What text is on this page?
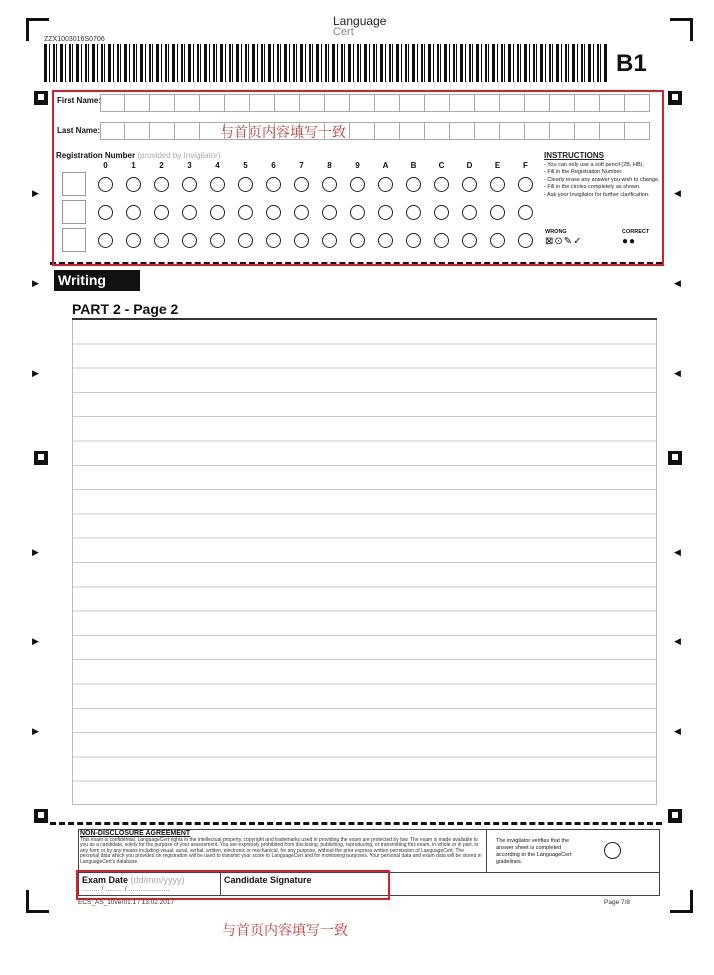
ZZX1003016S0706
Language
Cert
B1
▶	◀
▶	◀
▶	◀
▶	◀
▶	◀
▶	◀
· · · · · · · · · · · · · · · ·
First Name:
Last Name:	与首页内容填写一致
Registration Number (provided by Invigilator)
0	1	2	3	4	5	6	7	8	9	A	B	C	D	E	F
INSTRUCTIONS
- You can only use a soft pencil (2B, HB).
- Fill in the Registration Number.
- Clearly erase any answer you wish to change.
- Fill in the circles completely as shown.
- Ask your Invigilator for further clarification.
WRONG	CORRECT
⊠⊙✎✓	●●
Writing
PART 2 - Page 2
NON-DISCLOSURE AGREEMENT
This exam is confidential. LanguageCert rights in the intellectual property, copyright and trademarks used in providing the exam are protected by law. The exam is made available to you as a candidate, solely for the purpose of your assessment. You are expressly prohibited from disclosing, publishing, reproducing, or transmitting this exam, in whole or in part, in any form or by any means including visual, aural, verbal, written, electronic or mechanical, for any purpose, without the prior express written permission of LanguageCert. The personal data which you provided on registration will be used to transmit your score to LanguageCert and for monitoring purposes. Your personal data and exam data will be stored in LanguageCert's database.
The invigilator verifies that the answer sheet is completed according to the LanguageCert guidelines.
Exam Date (dd/mm/yyyy)
......... / ......... / .....................
Candidate Signature
ECS_AS_10ver01.1 / 13.02.2017	Page 7/8
与首页内容填写一致
